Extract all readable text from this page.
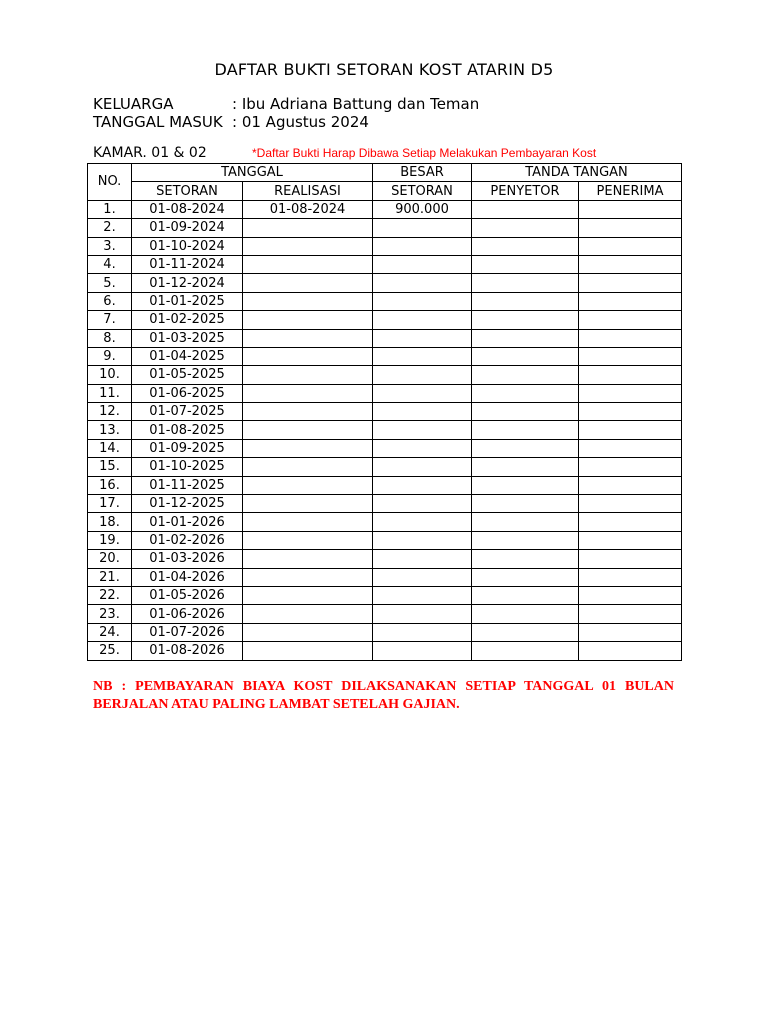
DAFTAR BUKTI SETORAN KOST ATARIN D5
KELUARGA	: Ibu Adriana Battung dan Teman
TANGGAL MASUK : 01 Agustus 2024
KAMAR. 01 & 02	*Daftar Bukti Harap Dibawa Setiap Melakukan Pembayaran Kost
NO.	TANGGAL		BESAR	TANDA TANGAN	
	SETORAN	REALISASI	SETORAN	PENYETOR	PENERIMA
1.	01-08-2024	01-08-2024	900.000		
2.	01-09-2024				
3.	01-10-2024				
4.	01-11-2024				
5.	01-12-2024				
6.	01-01-2025				
7.	01-02-2025				
8.	01-03-2025				
9.	01-04-2025				
10.	01-05-2025				
11.	01-06-2025				
12.	01-07-2025				
13.	01-08-2025				
14.	01-09-2025				
15.	01-10-2025				
16.	01-11-2025				
17.	01-12-2025				
18.	01-01-2026				
19.	01-02-2026				
20.	01-03-2026				
21.	01-04-2026				
22.	01-05-2026				
23.	01-06-2026				
24.	01-07-2026				
25.	01-08-2026				
NB : PEMBAYARAN BIAYA KOST DILAKSANAKAN SETIAP TANGGAL 01 BULAN BERJALAN ATAU PALING LAMBAT SETELAH GAJIAN.
